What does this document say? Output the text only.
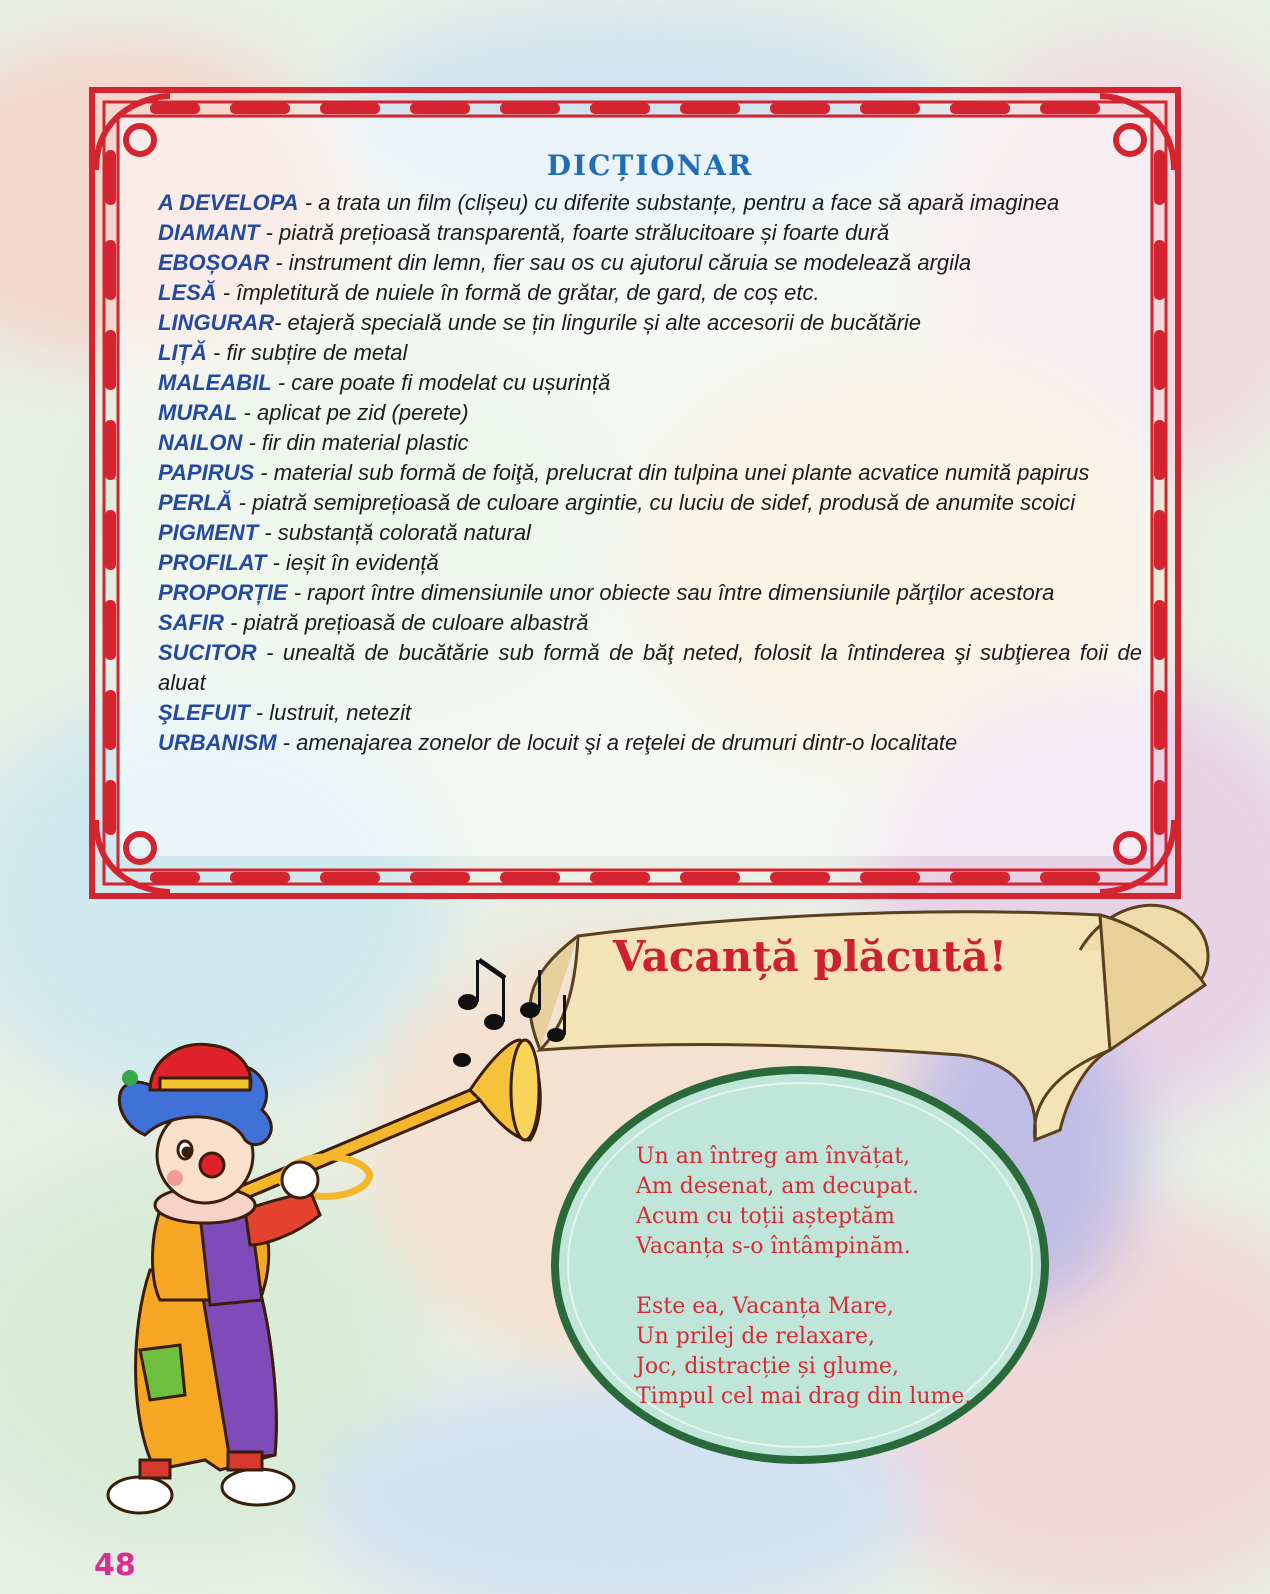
DICȚIONAR
A DEVELOPA - a trata un film (clișeu) cu diferite substanțe, pentru a face să apară imaginea
DIAMANT - piatră prețioasă transparentă, foarte strălucitoare și foarte dură
EBOȘOAR - instrument din lemn, fier sau os cu ajutorul căruia se modelează argila
LESĂ - împletitură de nuiele în formă de grătar, de gard, de coș etc.
LINGURAR- etajeră specială unde se țin lingurile și alte accesorii de bucătărie
LIȚĂ - fir subțire de metal
MALEABIL - care poate fi modelat cu ușurință
MURAL - aplicat pe zid (perete)
NAILON - fir din material plastic
PAPIRUS - material sub formă de foiţă, prelucrat din tulpina unei plante acvatice numită papirus
PERLĂ - piatră semiprețioasă de culoare argintie, cu luciu de sidef, produsă de anumite scoici
PIGMENT - substanță colorată natural
PROFILAT - ieșit în evidență
PROPORȚIE - raport între dimensiunile unor obiecte sau între dimensiunile părţilor acestora
SAFIR - piatră prețioasă de culoare albastră
SUCITOR - unealtă de bucătărie sub formă de băţ neted, folosit la întinderea şi subţierea foii de aluat
ŞLEFUIT - lustruit, netezit
URBANISM - amenajarea zonelor de locuit şi a reţelei de drumuri dintr-o localitate
Vacanță plăcută!
Un an întreg am învățat,
Am desenat, am decupat.
Acum cu toții așteptăm
Vacanța s-o întâmpinăm.
Este ea, Vacanța Mare,
Un prilej de relaxare,
Joc, distracție și glume,
Timpul cel mai drag din lume.
48
